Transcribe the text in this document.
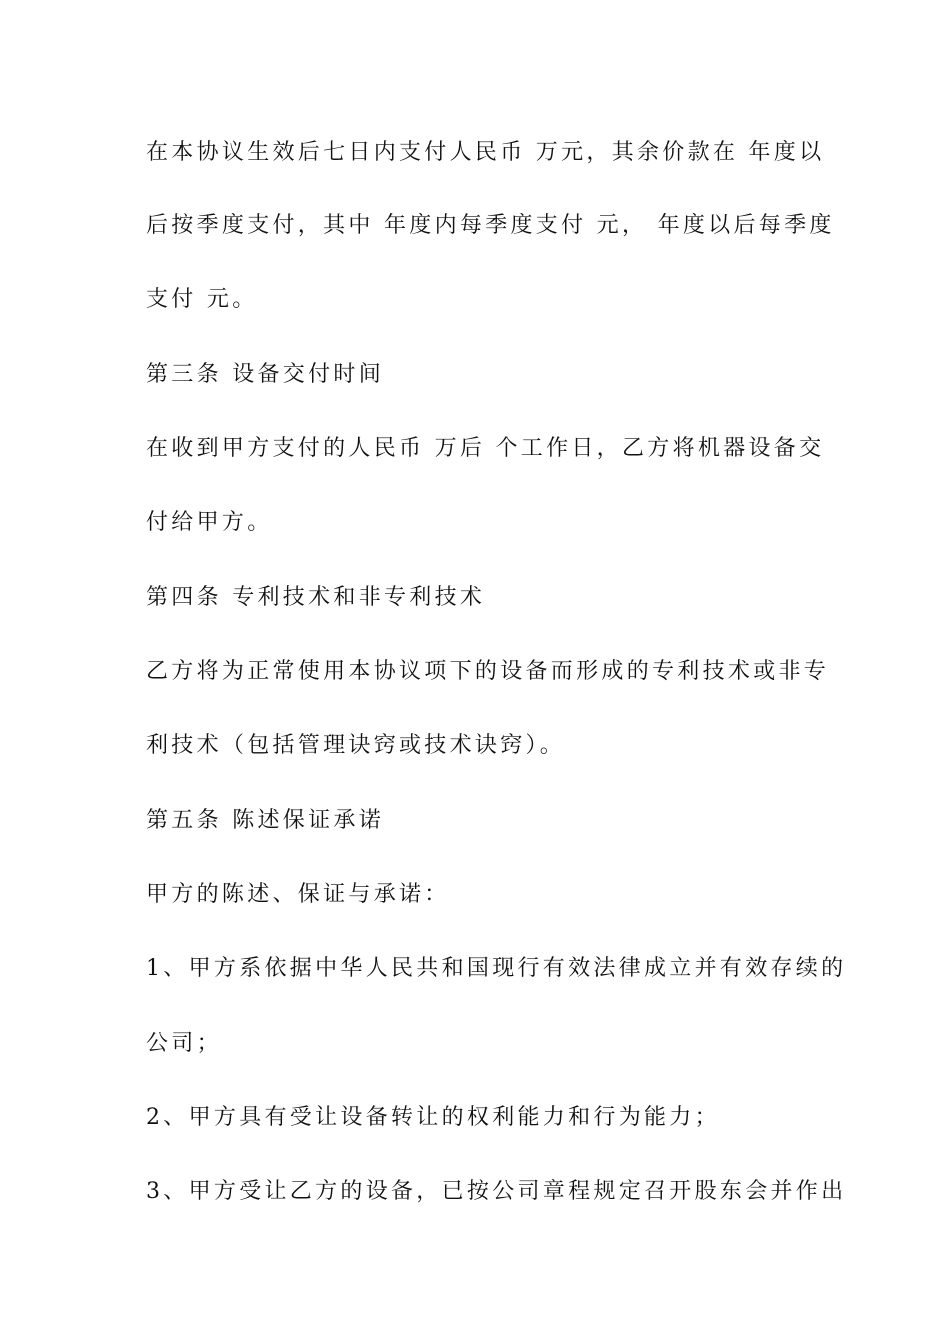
在本协议生效后七日内支付人民币 万元，其余价款在 年度以
后按季度支付，其中 年度内每季度支付 元， 年度以后每季度
支付 元。
第三条 设备交付时间
在收到甲方支付的人民币 万后 个工作日，乙方将机器设备交
付给甲方。
第四条 专利技术和非专利技术
乙方将为正常使用本协议项下的设备而形成的专利技术或非专
利技术（包括管理诀窍或技术诀窍）。
第五条 陈述保证承诺
甲方的陈述、保证与承诺：
1、甲方系依据中华人民共和国现行有效法律成立并有效存续的
公司；
2、甲方具有受让设备转让的权利能力和行为能力；
3、甲方受让乙方的设备，已按公司章程规定召开股东会并作出
